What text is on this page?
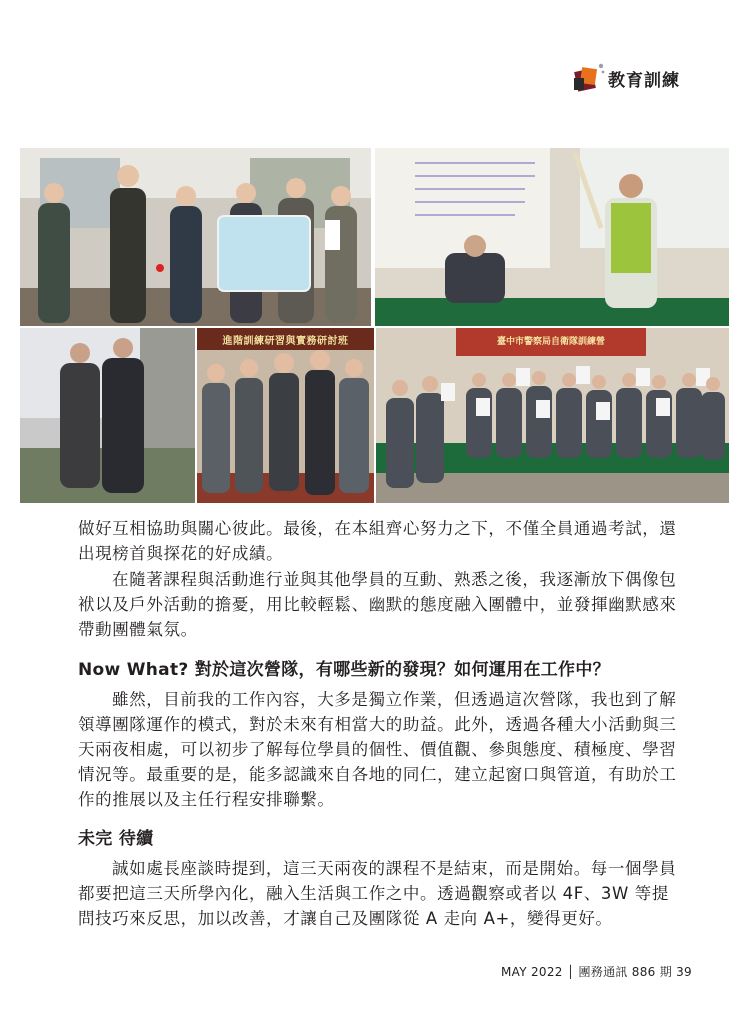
教育訓練
進階訓練研習與實務研討班	臺中市警察局自衛隊訓練營

做好互相協助與關心彼此。最後，在本組齊心努力之下，不僅全員通過考試，還出現榜首與探花的好成績。

在隨著課程與活動進行並與其他學員的互動、熟悉之後，我逐漸放下偶像包袱以及戶外活動的擔憂，用比較輕鬆、幽默的態度融入團體中，並發揮幽默感來帶動團體氣氛。

Now What? 對於這次營隊，有哪些新的發現？如何運用在工作中？

雖然，目前我的工作內容，大多是獨立作業，但透過這次營隊，我也到了解領導團隊運作的模式，對於未來有相當大的助益。此外，透過各種大小活動與三天兩夜相處，可以初步了解每位學員的個性、價值觀、參與態度、積極度、學習情況等。最重要的是，能多認識來自各地的同仁，建立起窗口與管道，有助於工作的推展以及主任行程安排聯繫。

未完 待續

誠如處長座談時提到，這三天兩夜的課程不是結束，而是開始。每一個學員都要把這三天所學內化，融入生活與工作之中。透過觀察或者以 4F、3W 等提問技巧來反思，加以改善，才讓自己及團隊從 A 走向 A+，變得更好。

MAY 2022 │ 團務通訊 886 期 39
